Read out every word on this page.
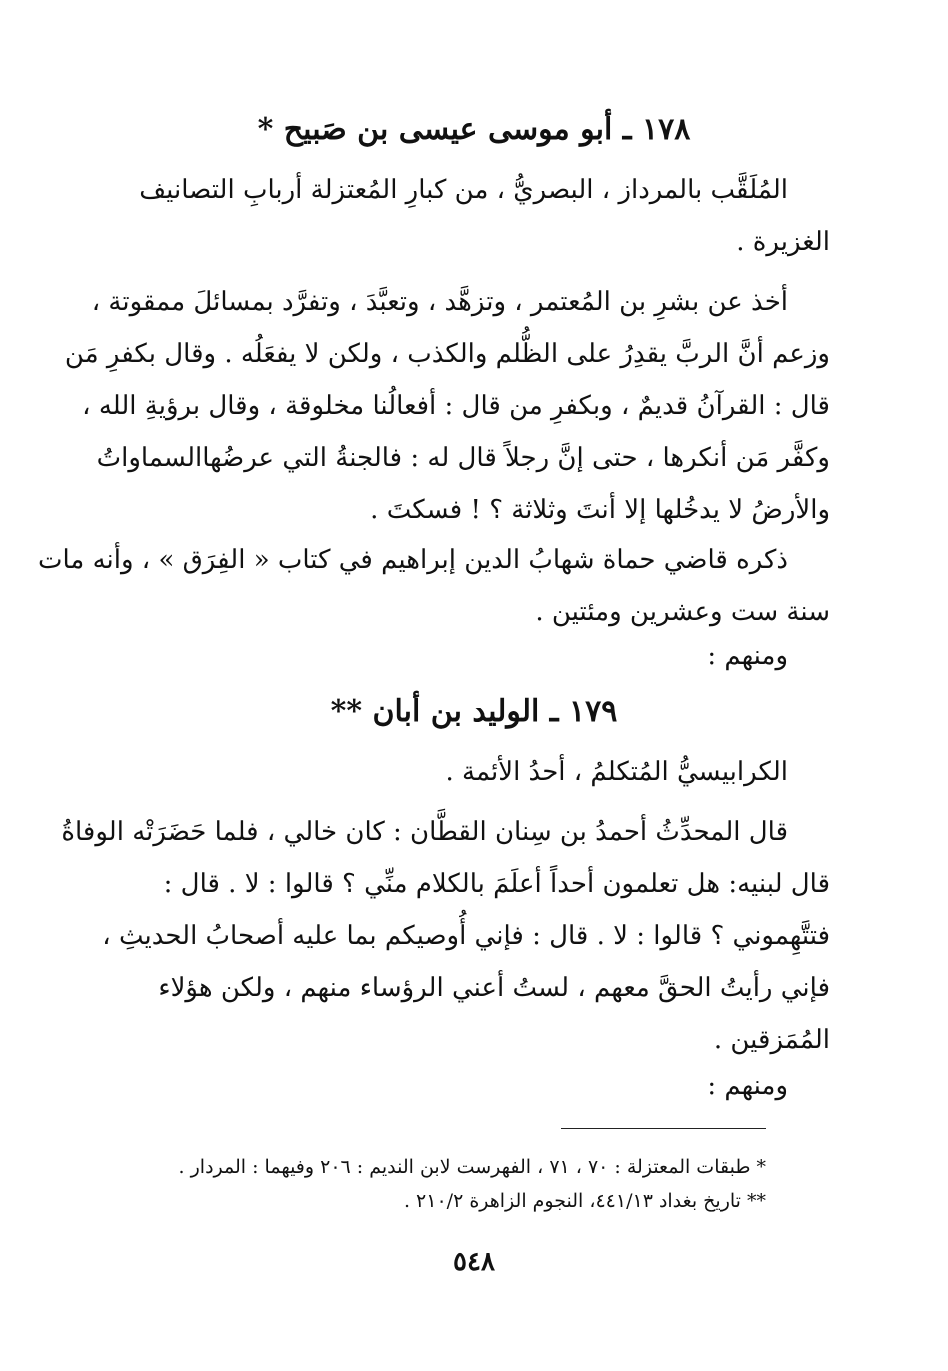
١٧٨ ـ أبو موسى عيسى بن صَبيح *
المُلَقَّب بالمرداز ، البصريُّ ، من كبارِ المُعتزلة أربابِ التصانيف
الغزيرة .
أخذ عن بشرِ بن المُعتمر ، وتزهَّد ، وتعبَّدَ ، وتفرَّد بمسائلَ ممقوتة ،
وزعم أنَّ الربَّ يقدِرُ على الظُّلم والكذب ، ولكن لا يفعَلُه . وقال بكفرِ مَن
قال : القرآنُ قديمٌ ، وبكفرِ من قال : أفعالُنا مخلوقة ، وقال برؤيةِ الله ،
وكفَّر مَن أنكرها ، حتى إنَّ رجلاً قال له : فالجنةُ التي عرضُهاالسماواتُ
والأرضُ لا يدخُلها إلا أنتَ وثلاثة ؟ ! فسكتَ .
ذكره قاضي حماة شهابُ الدين إبراهيم في كتاب « الفِرَق » ، وأنه مات
سنة ست وعشرين ومئتين .
ومنهم :
١٧٩ ـ الوليد بن أبان **
الكرابيسيُّ المُتكلمُ ، أحدُ الأئمة .
قال المحدِّثُ أحمدُ بن سِنان القطَّان : كان خالي ، فلما حَضَرَتْه الوفاةُ
قال لبنيه: هل تعلمون أحداً أعلَمَ بالكلام منِّي ؟ قالوا : لا . قال :
فتتَّهِموني ؟ قالوا : لا . قال : فإني أُوصيكم بما عليه أصحابُ الحديثِ ،
فإني رأيتُ الحقَّ معهم ، لستُ أعني الرؤساء منهم ، ولكن هؤلاء
المُمَزقين .
ومنهم :
* طبقات المعتزلة : ٧٠ ، ٧١ ، الفهرست لابن النديم : ٢٠٦ وفيهما : المردار .
** تاريخ بغداد ٤٤١/١٣، النجوم الزاهرة ٢١٠/٢ .
٥٤٨
